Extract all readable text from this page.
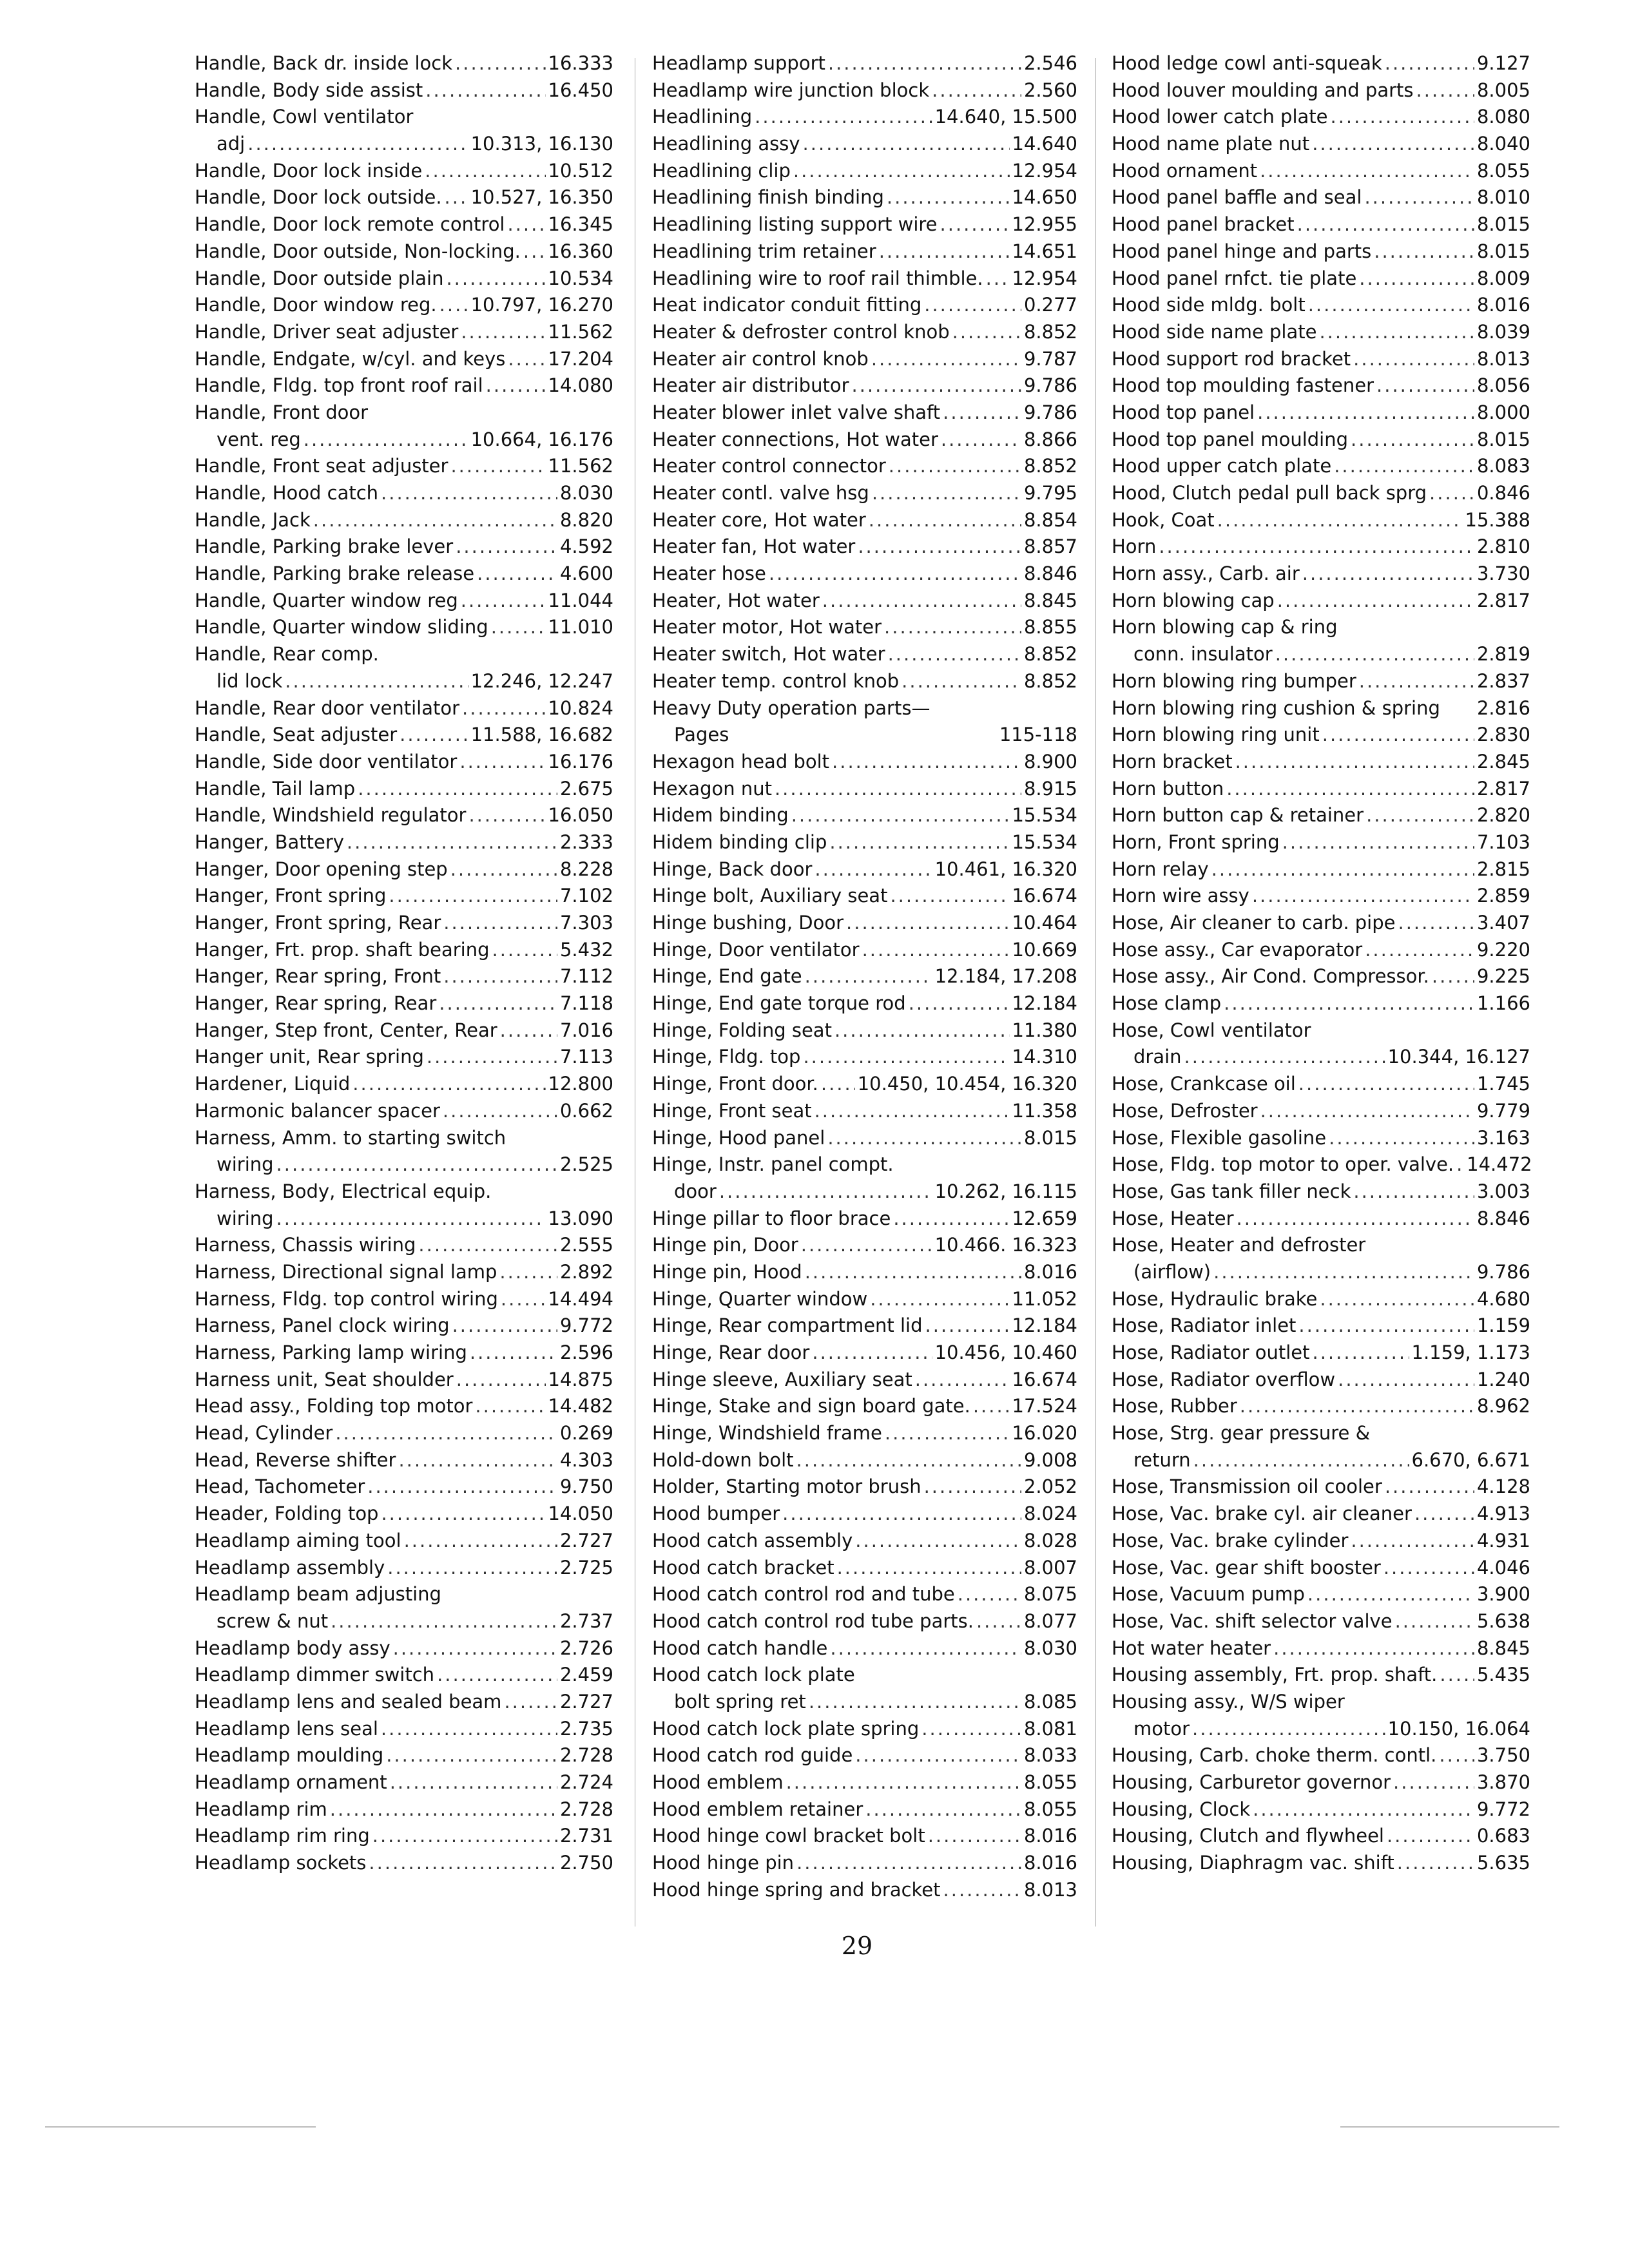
Handle, Back dr. inside lock .....	16.333
Handle, Body side assist .....	16.450
Handle, Cowl ventilator
adj .....	10.313, 16.130
Handle, Door lock inside .....	10.512
Handle, Door lock outside. ..... 10.527, 16.350
Handle, Door lock remote control ..... 16.345
Handle, Door outside, Non-locking. ..... 16.360
Handle, Door outside plain .....	10.534
Handle, Door window reg. ..... 10.797, 16.270
Handle, Driver seat adjuster .....	11.562
Handle, Endgate, w/cyl. and keys ..... 17.204
Handle, Fldg. top front roof rail .....	14.080
Handle, Front door
vent. reg .....	10.664, 16.176
Handle, Front seat adjuster .....	11.562
Handle, Hood catch .....	8.030
Handle, Jack .....	8.820
Handle, Parking brake lever .....	4.592
Handle, Parking brake release .....	4.600
Handle, Quarter window reg .....	11.044
Handle, Quarter window sliding .....	11.010
Handle, Rear comp.
lid lock .....	12.246, 12.247
Handle, Rear door ventilator .....	10.824
Handle, Seat adjuster .....	11.588, 16.682
Handle, Side door ventilator .....	16.176
Handle, Tail lamp .....	2.675
Handle, Windshield regulator .....	16.050
Hanger, Battery .....	2.333
Hanger, Door opening step .....	8.228
Hanger, Front spring .....	7.102
Hanger, Front spring, Rear .....	7.303
Hanger, Frt. prop. shaft bearing .....	5.432
Hanger, Rear spring, Front .....	7.112
Hanger, Rear spring, Rear .....	7.118
Hanger, Step front, Center, Rear .....	7.016
Hanger unit, Rear spring .....	7.113
Hardener, Liquid .....	12.800
Harmonic balancer spacer .....	0.662
Harness, Amm. to starting switch
wiring .....	2.525
Harness, Body, Electrical equip.
wiring .....	13.090
Harness, Chassis wiring .....	2.555
Harness, Directional signal lamp .....	2.892
Harness, Fldg. top control wiring .....	14.494
Harness, Panel clock wiring .....	9.772
Harness, Parking lamp wiring .....	2.596
Harness unit, Seat shoulder .....	14.875
Head assy., Folding top motor .....	14.482
Head, Cylinder .....	0.269
Head, Reverse shifter .....	4.303
Head, Tachometer .....	9.750
Header, Folding top .....	14.050
Headlamp aiming tool .....	2.727
Headlamp assembly .....	2.725
Headlamp beam adjusting
screw & nut .....	2.737
Headlamp body assy .....	2.726
Headlamp dimmer switch .....	2.459
Headlamp lens and sealed beam .....	2.727
Headlamp lens seal .....	2.735
Headlamp moulding .....	2.728
Headlamp ornament .....	2.724
Headlamp rim .....	2.728
Headlamp rim ring .....	2.731
Headlamp sockets .....	2.750
Headlamp support .....	2.546
Headlamp wire junction block .....	2.560
Headlining .....	14.640, 15.500
Headlining assy .....	14.640
Headlining clip .....	12.954
Headlining finish binding .....	14.650
Headlining listing support wire .....	12.955
Headlining trim retainer .....	14.651
Headlining wire to roof rail thimble. ..... 12.954
Heat indicator conduit fitting .....	0.277
Heater & defroster control knob .....	8.852
Heater air control knob .....	9.787
Heater air distributor .....	9.786
Heater blower inlet valve shaft .....	9.786
Heater connections, Hot water .....	8.866
Heater control connector .....	8.852
Heater contl. valve hsg .....	9.795
Heater core, Hot water .....	8.854
Heater fan, Hot water .....	8.857
Heater hose .....	8.846
Heater, Hot water .....	8.845
Heater motor, Hot water .....	8.855
Heater switch, Hot water .....	8.852
Heater temp. control knob .....	8.852
Heavy Duty operation parts—
Pages	115-118
Hexagon head bolt .....	8.900
Hexagon nut .....	8.915
Hidem binding .....	15.534
Hidem binding clip .....	15.534
Hinge, Back door .....	10.461, 16.320
Hinge bolt, Auxiliary seat .....	16.674
Hinge bushing, Door .....	10.464
Hinge, Door ventilator .....	10.669
Hinge, End gate .....	12.184, 17.208
Hinge, End gate torque rod .....	12.184
Hinge, Folding seat .....	11.380
Hinge, Fldg. top .....	14.310
Hinge, Front door. ..... 10.450, 10.454, 16.320
Hinge, Front seat .....	11.358
Hinge, Hood panel .....	8.015
Hinge, Instr. panel compt.
door .....	10.262, 16.115
Hinge pillar to floor brace .....	12.659
Hinge pin, Door .....	10.466. 16.323
Hinge pin, Hood .....	8.016
Hinge, Quarter window .....	11.052
Hinge, Rear compartment lid .....	12.184
Hinge, Rear door .....	10.456, 10.460
Hinge sleeve, Auxiliary seat .....	16.674
Hinge, Stake and sign board gate. ..... 17.524
Hinge, Windshield frame .....	16.020
Hold-down bolt .....	9.008
Holder, Starting motor brush .....	2.052
Hood bumper .....	8.024
Hood catch assembly .....	8.028
Hood catch bracket .....	8.007
Hood catch control rod and tube .....	8.075
Hood catch control rod tube parts. .....	8.077
Hood catch handle .....	8.030
Hood catch lock plate
bolt spring ret .....	8.085
Hood catch lock plate spring .....	8.081
Hood catch rod guide .....	8.033
Hood emblem .....	8.055
Hood emblem retainer .....	8.055
Hood hinge cowl bracket bolt .....	8.016
Hood hinge pin .....	8.016
Hood hinge spring and bracket .....	8.013
Hood ledge cowl anti-squeak .....	9.127
Hood louver moulding and parts .....	8.005
Hood lower catch plate .....	8.080
Hood name plate nut .....	8.040
Hood ornament .....	8.055
Hood panel baffle and seal .....	8.010
Hood panel bracket .....	8.015
Hood panel hinge and parts .....	8.015
Hood panel rnfct. tie plate .....	8.009
Hood side mldg. bolt .....	8.016
Hood side name plate .....	8.039
Hood support rod bracket .....	8.013
Hood top moulding fastener .....	8.056
Hood top panel .....	8.000
Hood top panel moulding .....	8.015
Hood upper catch plate .....	8.083
Hood, Clutch pedal pull back sprg .....	0.846
Hook, Coat .....	15.388
Horn .....	2.810
Horn assy., Carb. air .....	3.730
Horn blowing cap .....	2.817
Horn blowing cap & ring
conn. insulator .....	2.819
Horn blowing ring bumper .....	2.837
Horn blowing ring cushion & spring 2.816
Horn blowing ring unit .....	2.830
Horn bracket .....	2.845
Horn button .....	2.817
Horn button cap & retainer .....	2.820
Horn, Front spring .....	7.103
Horn relay .....	2.815
Horn wire assy .....	2.859
Hose, Air cleaner to carb. pipe .....	3.407
Hose assy., Car evaporator .....	9.220
Hose assy., Air Cond. Compressor. .....	9.225
Hose clamp .....	1.166
Hose, Cowl ventilator
drain .....	10.344, 16.127
Hose, Crankcase oil .....	1.745
Hose, Defroster .....	9.779
Hose, Flexible gasoline .....	3.163
Hose, Fldg. top motor to oper. valve. ..... 14.472
Hose, Gas tank filler neck .....	3.003
Hose, Heater .....	8.846
Hose, Heater and defroster
(airflow) .....	9.786
Hose, Hydraulic brake .....	4.680
Hose, Radiator inlet .....	1.159
Hose, Radiator outlet .....	1.159, 1.173
Hose, Radiator overflow .....	1.240
Hose, Rubber .....	8.962
Hose, Strg. gear pressure &
return .....	6.670, 6.671
Hose, Transmission oil cooler .....	4.128
Hose, Vac. brake cyl. air cleaner .....	4.913
Hose, Vac. brake cylinder .....	4.931
Hose, Vac. gear shift booster .....	4.046
Hose, Vacuum pump .....	3.900
Hose, Vac. shift selector valve .....	5.638
Hot water heater .....	8.845
Housing assembly, Frt. prop. shaft. ..... 5.435
Housing assy., W/S wiper
motor .....	10.150, 16.064
Housing, Carb. choke therm. contl. ..... 3.750
Housing, Carburetor governor .....	3.870
Housing, Clock .....	9.772
Housing, Clutch and flywheel .....	0.683
Housing, Diaphragm vac. shift .....	5.635
29
